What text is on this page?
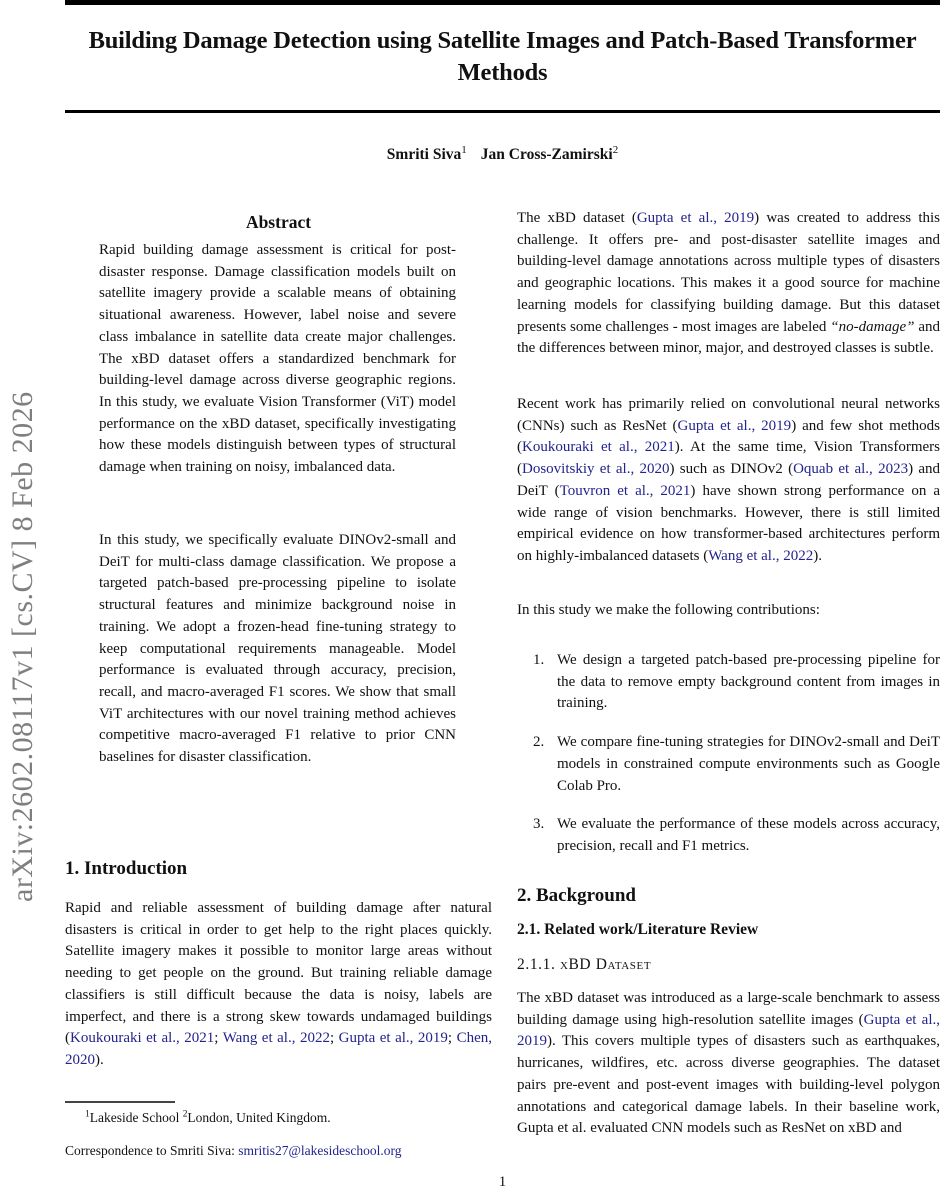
arXiv:2602.08117v1 [cs.CV] 8 Feb 2026
Building Damage Detection using Satellite Images and Patch-Based Transformer Methods
Smriti Siva$^1$ Jan Cross-Zamirski$^2$
Abstract

Rapid building damage assessment is critical for post-disaster response. Damage classification models built on satellite imagery provide a scalable means of obtaining situational awareness. However, label noise and severe class imbalance in satellite data create major challenges. The xBD dataset offers a standardized benchmark for building-level damage across diverse geographic regions. In this study, we evaluate Vision Transformer (ViT) model performance on the xBD dataset, specifically investigating how these models distinguish between types of structural damage when training on noisy, imbalanced data.

In this study, we specifically evaluate DINOv2-small and DeiT for multi-class damage classification. We propose a targeted patch-based pre-processing pipeline to isolate structural features and minimize background noise in training. We adopt a frozen-head fine-tuning strategy to keep computational requirements manageable. Model performance is evaluated through accuracy, precision, recall, and macro-averaged F1 scores. We show that small ViT architectures with our novel training method achieves competitive macro-averaged F1 relative to prior CNN baselines for disaster classification.

1. Introduction

Rapid and reliable assessment of building damage after natural disasters is critical in order to get help to the right places quickly. Satellite imagery makes it possible to monitor large areas without needing to get people on the ground. But training reliable damage classifiers is still difficult because the data is noisy, labels are imperfect, and there is a strong skew towards undamaged buildings (Koukouraki et al., 2021; Wang et al., 2022; Gupta et al., 2019; Chen, 2020).

$^1$Lakeside School $^2$London, United Kingdom.

Correspondence to Smriti Siva: smritis27@lakesideschool.org

The xBD dataset (Gupta et al., 2019) was created to address this challenge. It offers pre- and post-disaster satellite images and building-level damage annotations across multiple types of disasters and geographic locations. This makes it a good source for machine learning models for classifying building damage. But this dataset presents some challenges - most images are labeled “no-damage” and the differences between minor, major, and destroyed classes is subtle.

Recent work has primarily relied on convolutional neural networks (CNNs) such as ResNet (Gupta et al., 2019) and few shot methods (Koukouraki et al., 2021). At the same time, Vision Transformers (Dosovitskiy et al., 2020) such as DINOv2 (Oquab et al., 2023) and DeiT (Touvron et al., 2021) have shown strong performance on a wide range of vision benchmarks. However, there is still limited empirical evidence on how transformer-based architectures perform on highly-imbalanced datasets (Wang et al., 2022).

In this study we make the following contributions:

1. We design a targeted patch-based pre-processing pipeline for the data to remove empty background content from images in training.
2. We compare fine-tuning strategies for DINOv2-small and DeiT models in constrained compute environments such as Google Colab Pro.
3. We evaluate the performance of these models across accuracy, precision, recall and F1 metrics.
2. Background
2.1. Related work/Literature Review
2.1.1. xBD Dataset

The xBD dataset was introduced as a large-scale benchmark to assess building damage using high-resolution satellite images (Gupta et al., 2019). This covers multiple types of disasters such as earthquakes, hurricanes, wildfires, etc. across diverse geographies. The dataset pairs pre-event and post-event images with building-level polygon annotations and categorical damage labels. In their baseline work, Gupta et al. evaluated CNN models such as ResNet on xBD and

1
